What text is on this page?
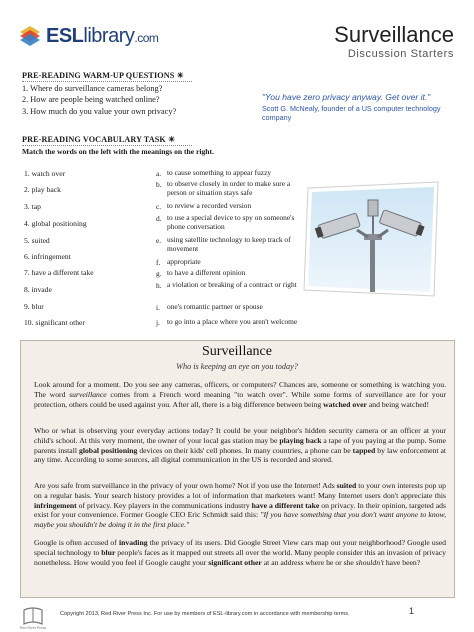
ESLlibrary.com	Surveillance
Discussion Starters
PRE-READING WARM-UP QUESTIONS ☀
1. Where do surveillance cameras belong?
2. How are people being watched online?
3. How much do you value your own privacy?
"You have zero privacy anyway. Get over it."
Scott G. McNealy, founder of a US computer technology company
PRE-READING VOCABULARY TASK ☀
Match the words on the left with the meanings on the right.
1. watch over
2. play back
3. tap
4. global positioning
5. suited
6. infringement
7. have a different take
8. invade
9. blur
10. significant other
a. to cause something to appear fuzzy
b. to observe closely in order to make sure a person or situation stays safe
c. to review a recorded version
d. to use a special device to spy on someone's phone conversation
e. using satellite technology to keep track of movement
f. appropriate
g. to have a different opinion
h. a violation or breaking of a contract or right
i. one's romantic partner or spouse
j. to go into a place where you aren't welcome
Surveillance
Who is keeping an eye on you today?
Look around for a moment. Do you see any cameras, officers, or computers? Chances are, someone or something is watching you. The word surveillance comes from a French word meaning "to watch over". While some forms of surveillance are for your protection, others could be used against you. After all, there is a big difference between being watched over and being watched!
Who or what is observing your everyday actions today? It could be your neighbor's hidden security camera or an officer at your child's school. At this very moment, the owner of your local gas station may be playing back a tape of you paying at the pump. Some parents install global positioning devices on their kids' cell phones. In many countries, a phone can be tapped by law enforcement at any time. According to some sources, all digital communication in the US is recorded and stored.
Are you safe from surveillance in the privacy of your own home? Not if you use the Internet! Ads suited to your own interests pop up on a regular basis. Your search history provides a lot of information that marketers want! Many Internet users don't appreciate this infringement of privacy. Key players in the communications industry have a different take on privacy. In their opinion, targeted ads exist for your convenience. Former Google CEO Eric Schmidt said this: "If you have something that you don't want anyone to know, maybe you shouldn't be doing it in the first place."
Google is often accused of invading the privacy of its users. Did Google Street View cars map out your neighborhood? Google used special technology to blur people's faces as it mapped out streets all over the world. Many people consider this an invasion of privacy nonetheless. How would you feel if Google caught your significant other at an address where he or she shouldn't have been?
Red River Press
Copyright 2013, Red River Press Inc. For use by members of ESL-library.com in accordance with membership terms.	1
